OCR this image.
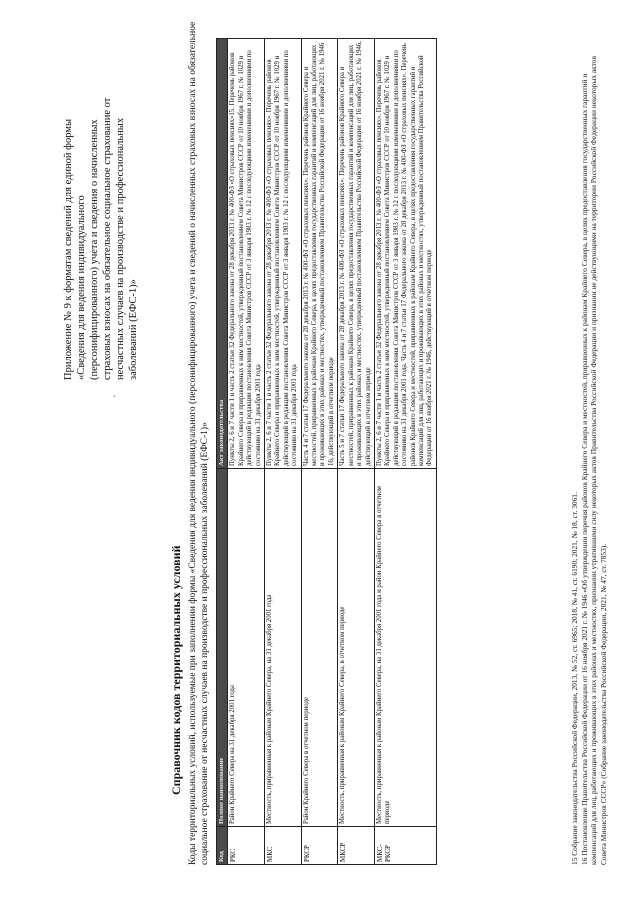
Приложение № 9 к форматам сведений для единой формы «Сведения для ведения индивидуального (персонифицированного) учета и сведения о начисленных страховых взносах на обязательное социальное страхование от несчастных случаев на производстве и профессиональных заболеваний (ЕФС-1)»
'
Справочник кодов территориальных условий Коды территориальных условий, используемые при заполнении формы «Сведения для ведения индивидуального (персонифицированного) учета и сведений о начисленных страховых взносах на обязательное социальное страхование от несчастных случаев на производстве и профессиональных заболеваний (ЕФС-1)» Код	Полное наименование	Акт законодательства
РКС	Район Крайнего Севера на 31 декабря 2001 года	Пункты 2, 6 и 7 части 1 и часть 2 статьи 32 Федерального закона от 28 декабря 2013 г. № 400-ФЗ «О страховых пенсиях»15. Перечень районов Крайнего Севера и приравненных к ним местностей, утвержденный постановлением Совета Министров СССР от 10 ноября 1967 г. № 1029 и действующий в редакции постановления Совета Министров СССР от 3 января 1983 г. № 12 с последующими изменениями и дополнениями по состоянию на 31 декабря 2001 года
МКС	Местность, приравненная к районам Крайнего Севера, на 31 декабря 2001 года	Пункты 2, 6 и 7 части 1 и часть 2 статьи 32 Федерального закона от 28 декабря 2013 г. № 400-ФЗ «О страховых пенсиях». Перечень районов Крайнего Севера и приравненных к ним местностей, утвержденный постановлением Совета Министров СССР от 10 ноября 1967 г. № 1029 и действующий в редакции постановления Совета Министров СССР от 3 января 1983 г. № 12 с последующими изменениями и дополнениями по состоянию на 31 декабря 2001 года
РКСР	Район Крайнего Севера в отчетном периоде	Часть 4 и 7 статьи 17 Федерального закона от 28 декабря 2013 г. № 400-ФЗ «О страховых пенсиях». Перечень районов Крайнего Севера и местностей, приравненных к районам Крайнего Севера, в целях предоставления государственных гарантий и компенсаций для лиц, работающих и проживающих в этих районах и местностях, утвержденный постановлением Правительства Российской Федерации от 16 ноября 2021 г. № 1946 16, действующий в отчетном периоде
МКСР	Местность, приравненная к районам Крайнего Севера, в отчетном периоде	Часть 5 и 7 статьи 17 Федерального закона от 28 декабря 2013 г. № 400-ФЗ «О страховых пенсиях». Перечень районов Крайнего Севера и местностей, приравненных к районам Крайнего Севера, в целях предоставления государственных гарантий и компенсаций для лиц, работающих и проживающих в этих районах и местностях, утвержденный постановлением Правительства Российской Федерации от 16 ноября 2021 г. № 1946, действующий в отчетном периоде
МКС-РКСР	Местность, приравненная к районам Крайнего Севера, на 31 декабря 2001 года и район Крайнего Севера в отчетном периоде	Пункты 2, 6 и 7 части 1 и часть 2 статьи 32 Федерального закона от 28 декабря 2013 г. № 400-ФЗ «О страховых пенсиях». Перечень районов Крайнего Севера и приравненных к ним местностей, утвержденный постановлением Совета Министров СССР от 10 ноября 1967 г. № 1029 и действующий в редакции постановления Совета Министров СССР от 3 января 1983 г. № 12 с последующими изменениями и дополнениями по состоянию на 31 декабря 2001 года. Часть 4 и 7 статьи 17 Федерального закона от 28 декабря 2013 г. № 400-ФЗ «О страховых пенсиях». Перечень районов Крайнего Севера и местностей, приравненных к районам Крайнего Севера, в целях предоставления государственных гарантий и компенсаций для лиц, работающих и проживающих в этих районах и местностях, утвержденный постановлением Правительства Российской Федерации от 16 ноября 2021 г. № 1946, действующий в отчетном периоде

15 Собрание законодательства Российской Федерации, 2013, № 52, ст. 6965; 2018, № 41, ст. 6190; 2021, № 18, ст. 3061. 16 Постановление Правительства Российской Федерации от 16 ноября 2021 г. № 1946 «Об утверждении перечня районов Крайнего Севера и местностей, приравненных к районам Крайнего Севера, в целях предоставления государственных гарантий и компенсаций для лиц, работающих и проживающих в этих районах и местностях, признании утратившими силу некоторых актов Правительства Российской Федерации и признании не действующими на территории Российской Федерации некоторых актов Совета Министров СССР» (Собрание законодательства Российской Федерации, 2021, № 47, ст. 7853).
